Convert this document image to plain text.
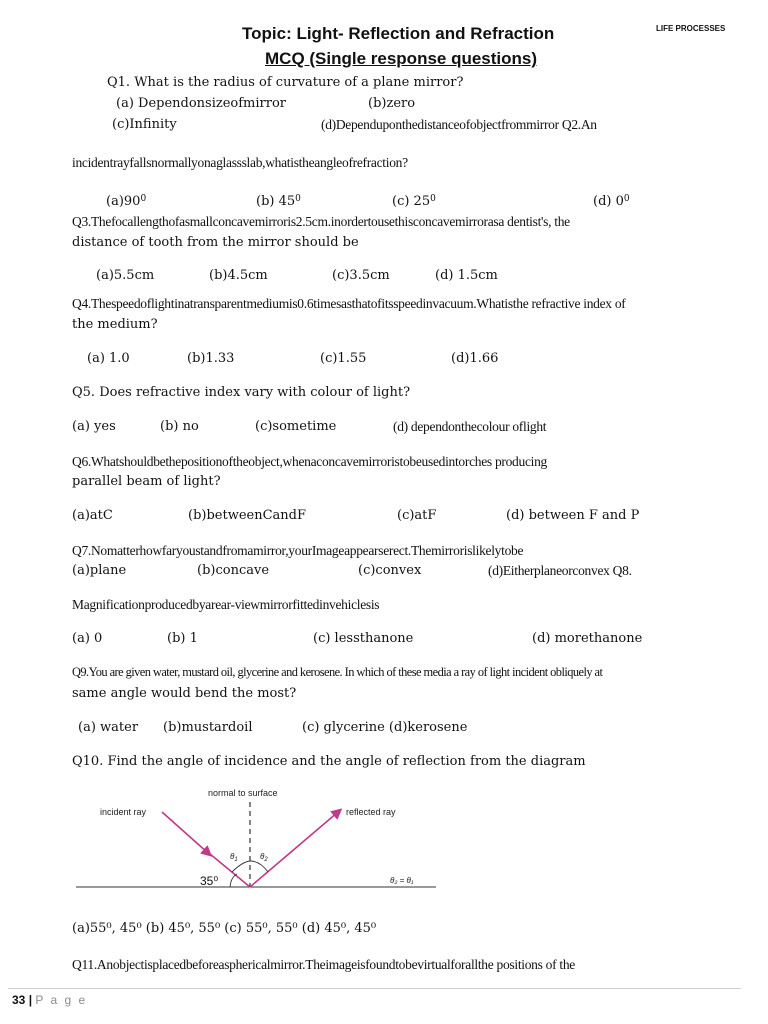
Topic: Light- Reflection and Refraction
MCQ (Single response questions)
LIFE PROCESSES
Q1. What is the radius of curvature of a plane mirror?
(a) Dependonsizeofmirror	(b)zero
(c)Infinity	(d)Dependuponthedistanceofobjectfrommirror Q2.An
incidentrayfallsnormallyonaglassslab,whatistheangleofrefraction?
$(a)90^0$	(b) $45^0$	(c) $25^0$	(d) $0^0$
Q3.Thefocallengthofasmallconcavemirroris2.5cm.inordertousethisconcavemirrorasa dentist's, the
distance of tooth from the mirror should be
(a)5.5cm	(b)4.5cm	(c)3.5cm	(d) 1.5cm
Q4.Thespeedoflightinatransparentmediumis0.6timesasthatofitsspeedinvacuum.Whatisthe refractive index of
the medium?
(a) 1.0	(b)1.33	(c)1.55	(d)1.66
Q5. Does refractive index vary with colour of light?
(a) yes	(b) no	(c)sometime	(d) dependonthecolour oflight
Q6.Whatshouldbethepositionoftheobject,whenaconcavemirroristobeusedintorches producing
parallel beam of light?
(a)atC	(b)betweenCandF	(c)atF	(d) between F and P
Q7.Nomatterhowfaryoustandfromamirror,yourImageappearserect.Themirrorislikelytobe
(a)plane	(b)concave	(c)convex	(d)Eitherplaneorconvex Q8.
Magnificationproducedbyarear-viewmirrorfittedinvehiclesis
(a) 0	(b) 1	(c) lessthanone	(d) morethanone
Q9.You are given water, mustard oil, glycerine and kerosene. In which of these media a ray of light incident obliquely at
same angle would bend the most?
(a) water (b)mustardoil	(c) glycerine (d)kerosene
Q10. Find the angle of incidence and the angle of reflection from the diagram
normal to surface
incident ray	reflected ray
$\theta_1$	$\theta_2$
35⁰	θ₂ = θ₁
(a)55⁰, 45⁰ (b) 45⁰, 55⁰ (c) 55⁰, 55⁰ (d) 45⁰, 45⁰
Q11.Anobjectisplacedbeforeasphericalmirror.Theimageisfoundtobevirtualforallthe positions of the
33 | P a g e
